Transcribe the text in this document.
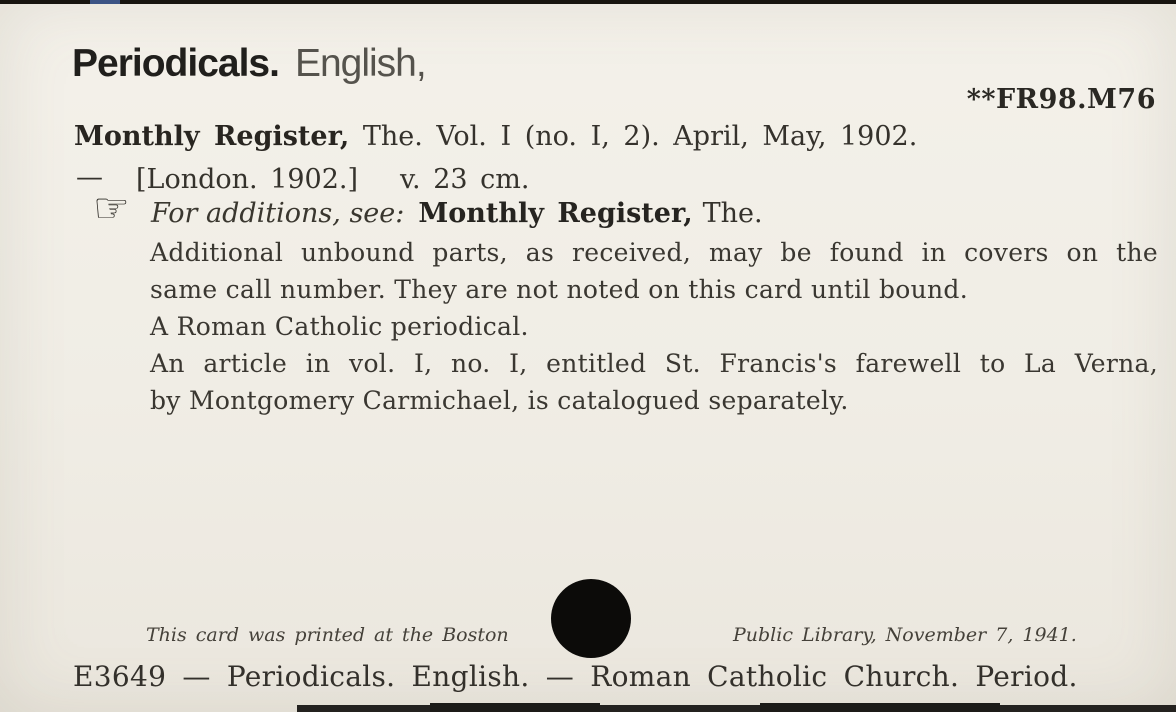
Periodicals. English,
**FR98.M76
Monthly Register, The. Vol. I (no. I, 2). April, May, 1902.
— [London. 1902.] v. 23 cm.
☞ For additions, see: Monthly Register, The.
Additional unbound parts, as received, may be found in covers on the
same call number. They are not noted on this card until bound.
A Roman Catholic periodical.
An article in vol. I, no. I, entitled St. Francis's farewell to La Verna,
by Montgomery Carmichael, is catalogued separately.
This card was printed at the Boston	Public Library, November 7, 1941.
E3649 — Periodicals. English. — Roman Catholic Church. Period.
